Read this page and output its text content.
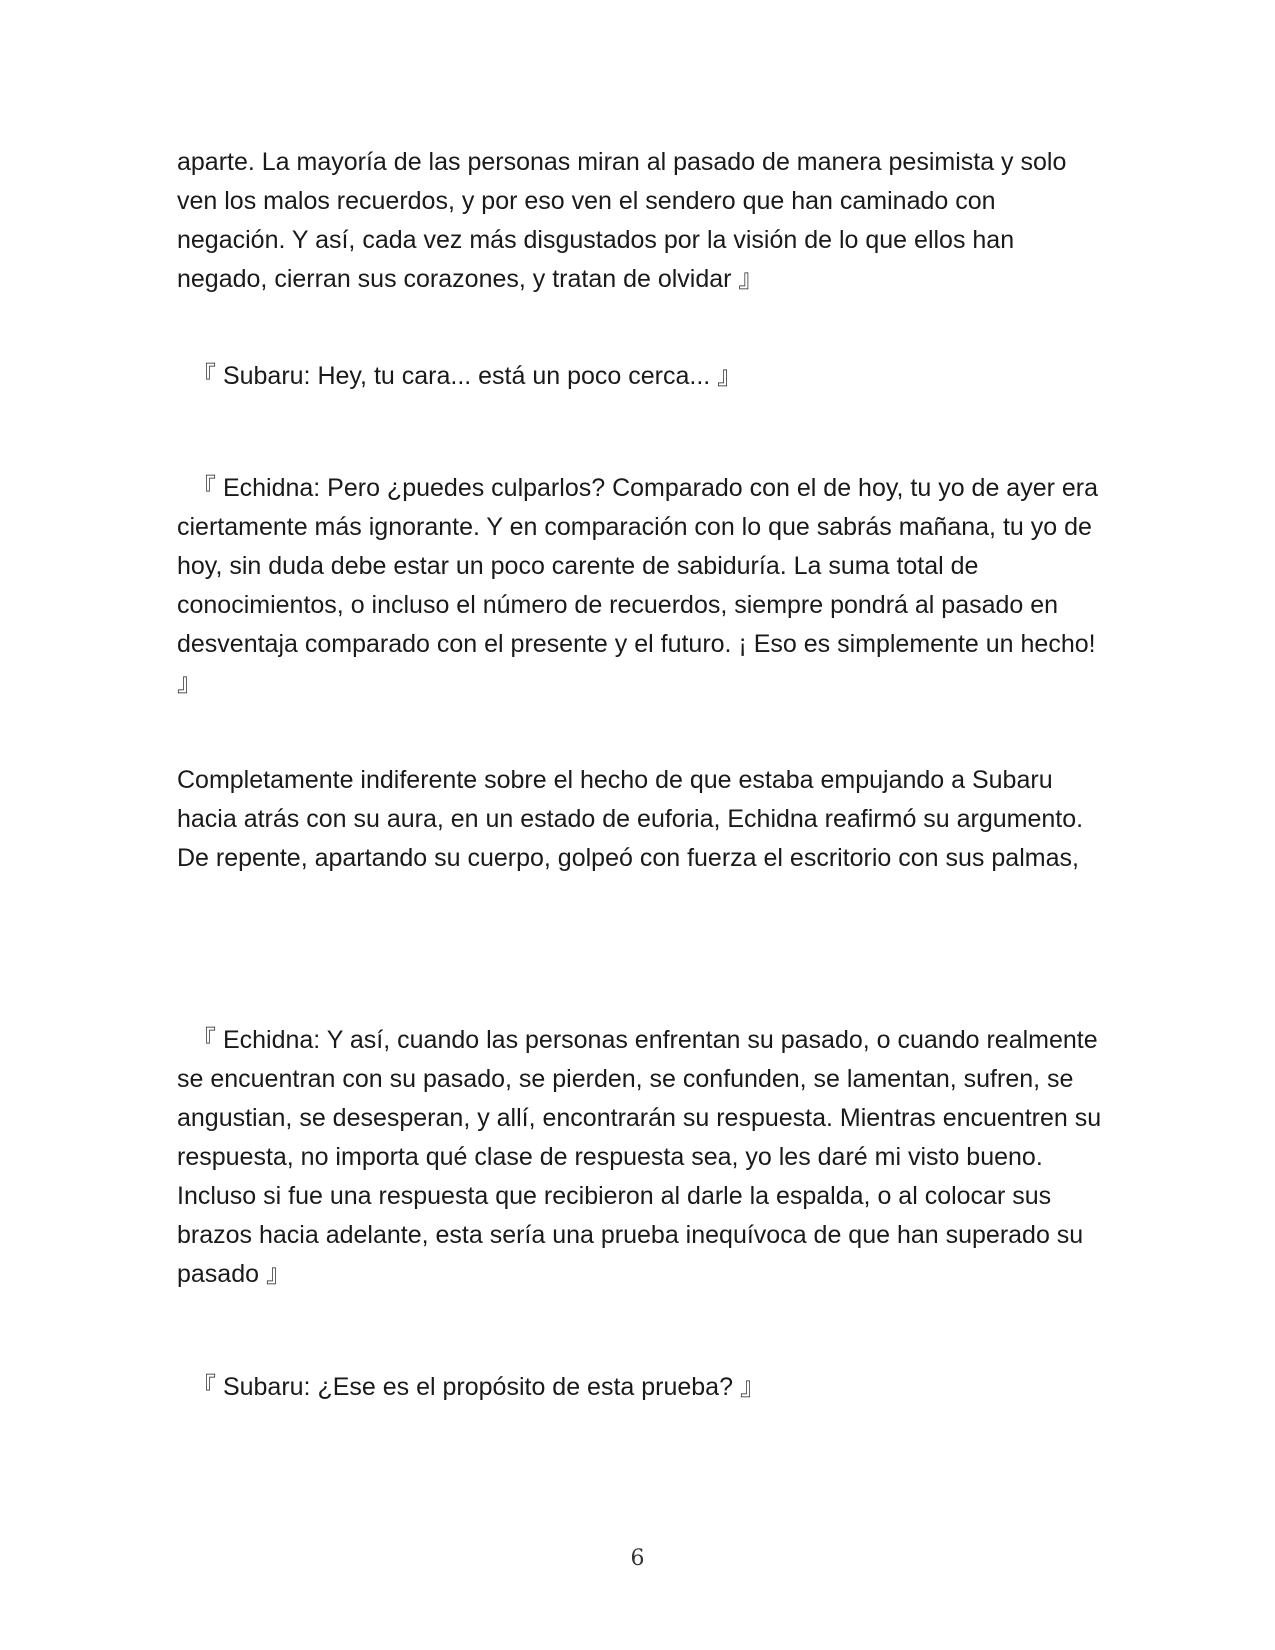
aparte. La mayoría de las personas miran al pasado de manera pesimista y solo ven los malos recuerdos, y por eso ven el sendero que han caminado con negación. Y así, cada vez más disgustados por la visión de lo que ellos han negado, cierran sus corazones, y tratan de olvidar 』

『 Subaru: Hey, tu cara... está un poco cerca... 』

『 Echidna: Pero ¿puedes culparlos? Comparado con el de hoy, tu yo de ayer era ciertamente más ignorante. Y en comparación con lo que sabrás mañana, tu yo de hoy, sin duda debe estar un poco carente de sabiduría. La suma total de conocimientos, o incluso el número de recuerdos, siempre pondrá al pasado en desventaja comparado con el presente y el futuro. ¡ Eso es simplemente un hecho! 』

Completamente indiferente sobre el hecho de que estaba empujando a Subaru hacia atrás con su aura, en un estado de euforia, Echidna reafirmó su argumento. De repente, apartando su cuerpo, golpeó con fuerza el escritorio con sus palmas,

『 Echidna: Y así, cuando las personas enfrentan su pasado, o cuando realmente se encuentran con su pasado, se pierden, se confunden, se lamentan, sufren, se angustian, se desesperan, y allí, encontrarán su respuesta. Mientras encuentren su respuesta, no importa qué clase de respuesta sea, yo les daré mi visto bueno. Incluso si fue una respuesta que recibieron al darle la espalda, o al colocar sus brazos hacia adelante, esta sería una prueba inequívoca de que han superado su pasado 』

『 Subaru: ¿Ese es el propósito de esta prueba? 』

6
